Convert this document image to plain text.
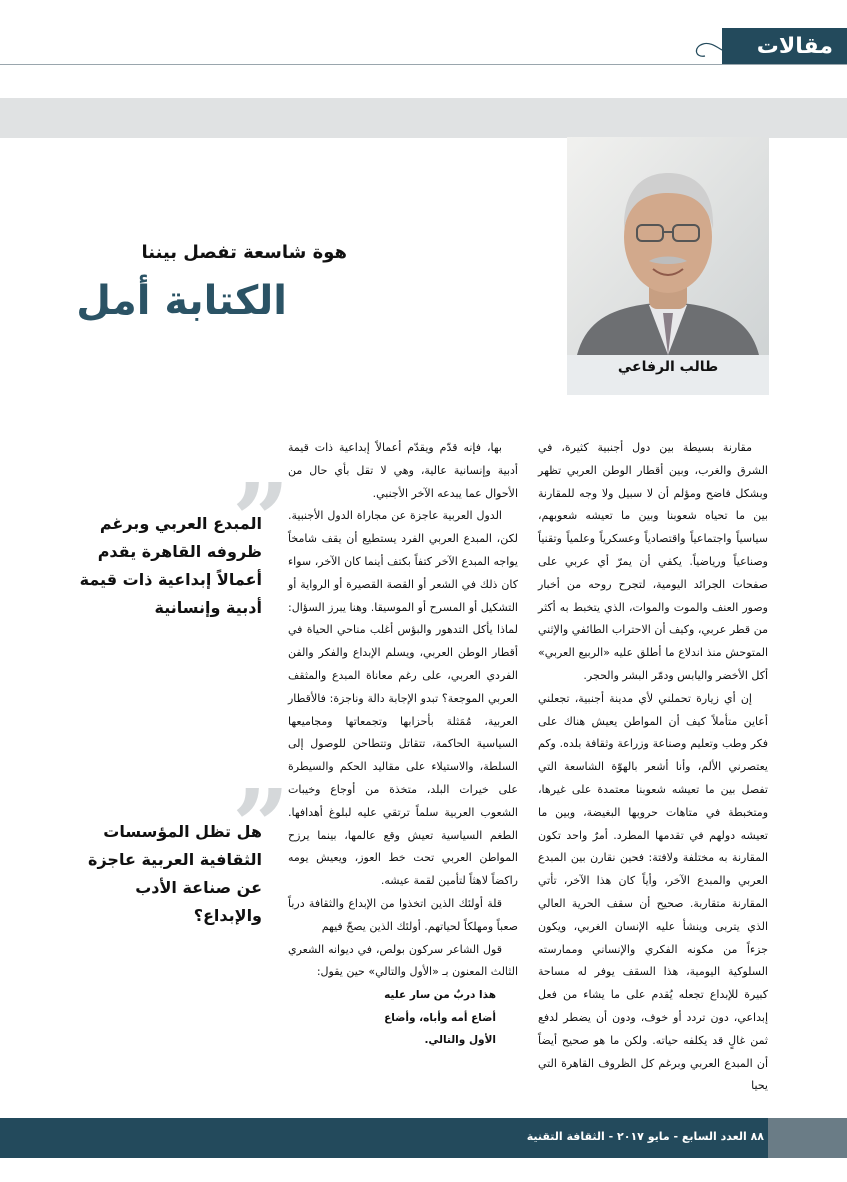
مقالات
طالب الرفاعي
هوة شاسعة تفصل بيننا
الكتابة أمل
”
المبدع العربي وبرغم ظروفه القاهرة يقدم أعمالاً إبداعية ذات قيمة أدبية وإنسانية
”
هل تظل المؤسسات الثقافية العربية عاجزة عن صناعة الأدب والإبداع؟

مقارنة بسيطة بين دول أجنبية كثيرة، في الشرق والغرب، وبين أقطار الوطن العربي تظهر وبشكل فاضح ومؤلم أن لا سبيل ولا وجه للمقارنة بين ما تحياه شعوبنا وبين ما تعيشه شعوبهم، سياسياً واجتماعياً واقتصادياً وعسكرياً وعلمياً وتقنياً وصناعياً ورياضياً. يكفي أن يمرّ أي عربي على صفحات الجرائد اليومية، لتجرح روحه من أخبار وصور العنف والموت والموات، الذي يتخبط به أكثر من قطر عربي، وكيف أن الاحتراب الطائفي والإثني المتوحش منذ اندلاع ما أطلق عليه «الربيع العربي» أكل الأخضر واليابس ودمّر البشر والحجر.

إن أي زيارة تحملني لأي مدينة أجنبية، تجعلني أعاين متأملاً كيف أن المواطن يعيش هناك على فكر وطب وتعليم وصناعة وزراعة وثقافة بلده. وكم يعتصرني الألم، وأنا أشعر بالهوّة الشاسعة التي تفصل بين ما تعيشه شعوبنا معتمدة على غيرها، ومتخبطة في متاهات حروبها البغيضة، وبين ما تعيشه دولهم في تقدمها المطرد. أمرٌ واحد تكون المقارنة به مختلفة ولافتة: فحين نقارن بين المبدع العربي والمبدع الآخر، وأياً كان هذا الآخر، تأتي المقارنة متقاربة. صحيح أن سقف الحرية العالي الذي يتربى وينشأ عليه الإنسان الغربي، ويكون جزءاً من مكونه الفكري والإنساني وممارسته السلوكية اليومية، هذا السقف يوفر له مساحة كبيرة للإبداع تجعله يُقدم على ما يشاء من فعل إبداعي، دون تردد أو خوف، ودون أن يضطر لدفع ثمن غالٍ قد يكلفه حياته. ولكن ما هو صحيح أيضاً أن المبدع العربي وبرغم كل الظروف القاهرة التي يحيا

بها، فإنه قدّم ويقدّم أعمالاً إبداعية ذات قيمة أدبية وإنسانية عالية، وهي لا تقل بأي حال من الأحوال عما يبدعه الآخر الأجنبي.

الدول العربية عاجزة عن مجاراة الدول الأجنبية. لكن، المبدع العربي الفرد يستطيع أن يقف شامخاً يواجه المبدع الآخر كتفاً بكتف أينما كان الآخر، سواء كان ذلك في الشعر أو القصة القصيرة أو الرواية أو التشكيل أو المسرح أو الموسيقا. وهنا يبرز السؤال: لماذا يأكل التدهور والبؤس أغلب مناحي الحياة في أقطار الوطن العربي، ويسلم الإبداع والفكر والفن الفردي العربي، على رغم معاناة المبدع والمثقف العربي الموجعة؟ تبدو الإجابة دالة وناجزة: فالأقطار العربية، مُمَثلة بأحزابها وتجمعاتها ومجاميعها السياسية الحاكمة، تتقاتل وتتطاحن للوصول إلى السلطة، والاستيلاء على مقاليد الحكم والسيطرة على خيرات البلد، متخذة من أوجاع وخيبات الشعوب العربية سلماً ترتقي عليه لبلوغ أهدافها. الطغم السياسية تعيش وقع عالمها، بينما يرزح المواطن العربي تحت خط العوز، ويعيش يومه راكضاً لاهثاً لتأمين لقمة عيشه.

قلة أولئك الذين اتخذوا من الإبداع والثقافة درباً صعباً ومهلكاً لحياتهم. أولئك الذين يصحّ فيهم

قول الشاعر سركون بولص، في ديوانه الشعري الثالث المعنون بـ «الأول والتالي» حين يقول:

هذا دربٌ من سار عليه
أضاع أمه وأباه، وأضاع
الأول والتالي.
٨٨ العدد السابع - مايو ٢٠١٧ - الثقافة التقنية
